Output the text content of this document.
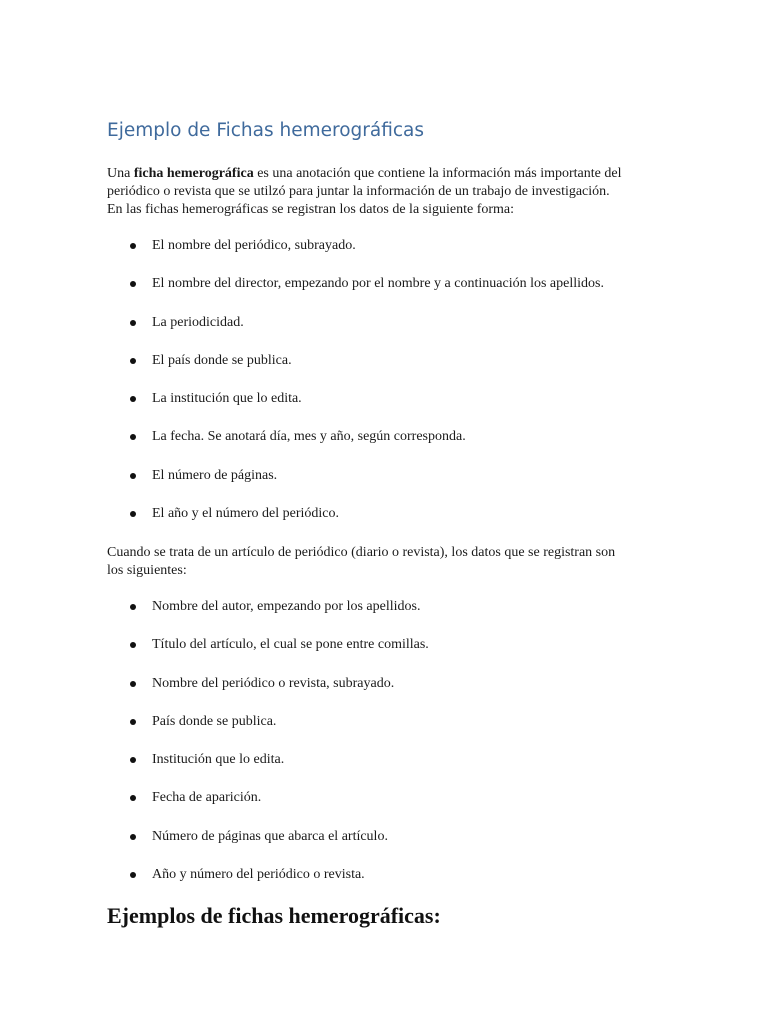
Ejemplo de Fichas hemerográficas

Una ficha hemerográfica es una anotación que contiene la información más importante del
periódico o revista que se utilzó para juntar la información de un trabajo de investigación.
En las fichas hemerográficas se registran los datos de la siguiente forma:

El nombre del periódico, subrayado.
El nombre del director, empezando por el nombre y a continuación los apellidos.
La periodicidad.
El país donde se publica.
La institución que lo edita.
La fecha. Se anotará día, mes y año, según corresponda.
El número de páginas.
El año y el número del periódico.

Cuando se trata de un artículo de periódico (diario o revista), los datos que se registran son
los siguientes:

Nombre del autor, empezando por los apellidos.
Título del artículo, el cual se pone entre comillas.
Nombre del periódico o revista, subrayado.
País donde se publica.
Institución que lo edita.
Fecha de aparición.
Número de páginas que abarca el artículo.
Año y número del periódico o revista.
Ejemplos de fichas hemerográficas:
